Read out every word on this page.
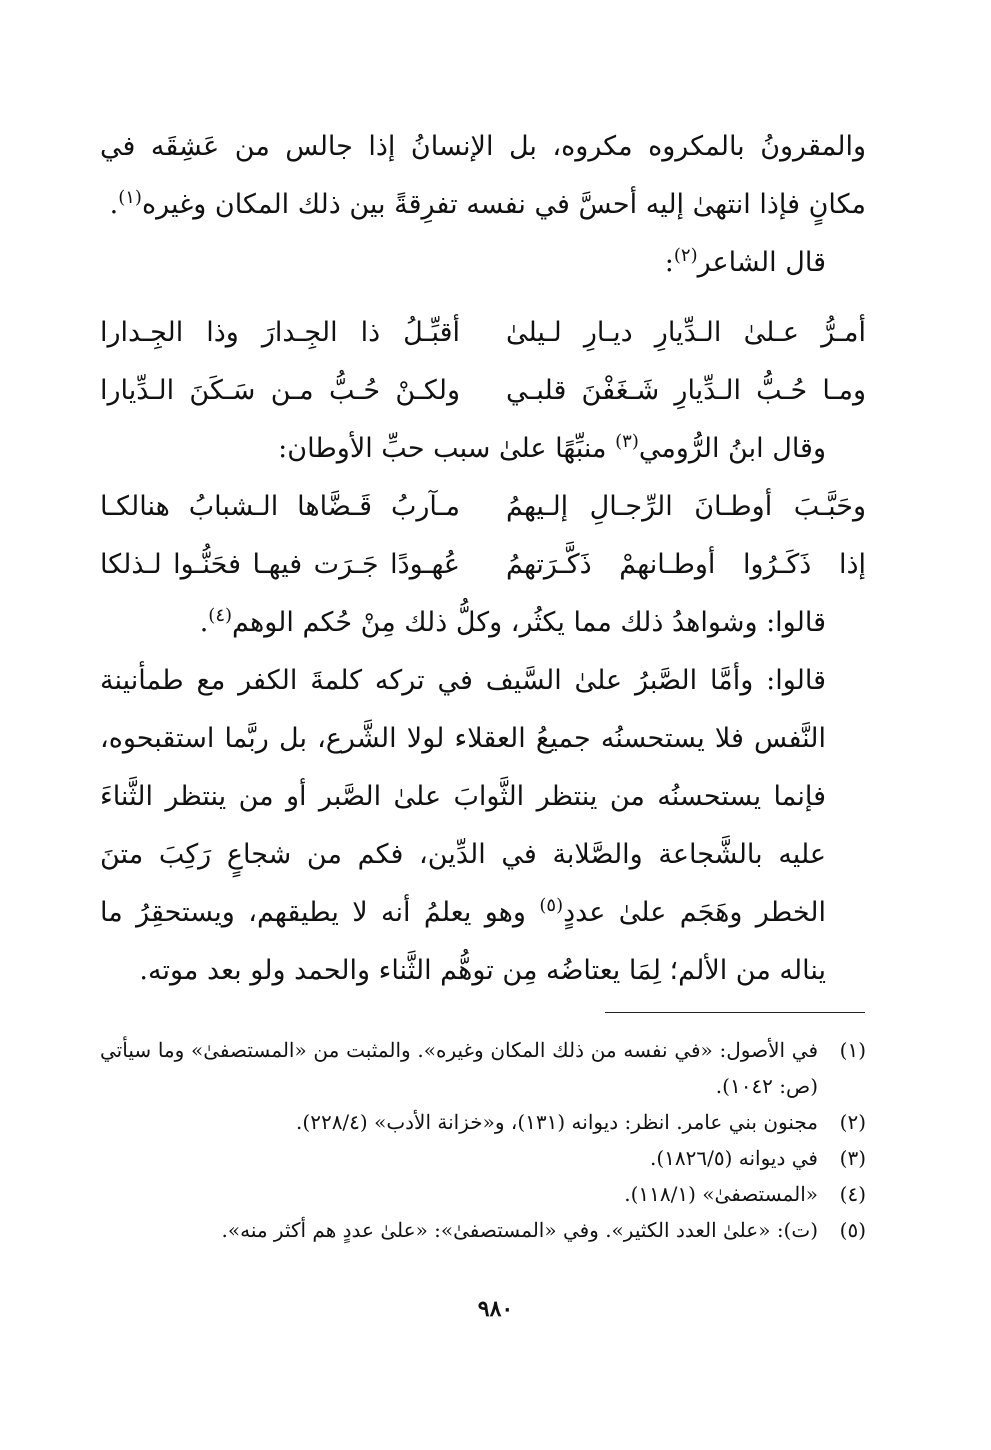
والمقرونُ بالمكروه مكروه، بل الإنسانُ إذا جالس من عَشِقَه في مكانٍ فإذا انتهىٰ إليه أحسَّ في نفسه تفرِقةً بين ذلك المكان وغيره$^{(١)}$.

قال الشاعر$^{(٢)}$:

أمـرُّ عـلىٰ الـدِّيارِ ديـارِ لـيلىٰ
أقبِّـلُ ذا الجِـدارَ وذا الجِـدارا
ومـا حُـبُّ الـدِّيارِ شَـغَفْنَ قلبـي
ولكـنْ حُـبُّ مـن سَـكَنَ الـدِّيارا

وقال ابنُ الرُّومي$^{(٣)}$ منبِّهًا علىٰ سبب حبِّ الأوطان:

وحَبَّـبَ أوطـانَ الرِّجـالِ إلـيهمُ
مـآربُ قَـضَّاها الـشبابُ هنالكـا
إذا ذَكَـرُوا أوطـانهمْ ذَكَّـرَتهمُ
عُهـودًا جَـرَت فيهـا فحَنُّـوا لـذلكا

قالوا: وشواهدُ ذلك مما يكثُر، وكلُّ ذلك مِنْ حُكم الوهم$^{(٤)}$.

قالوا: وأمَّا الصَّبرُ علىٰ السَّيف في تركه كلمةَ الكفر مع طمأنينة النَّفس فلا يستحسنُه جميعُ العقلاء لولا الشَّرع، بل ربَّما استقبحوه، فإنما يستحسنُه من ينتظر الثَّوابَ علىٰ الصَّبر أو من ينتظر الثَّناءَ عليه بالشَّجاعة والصَّلابة في الدِّين، فكم من شجاعٍ رَكِبَ متنَ الخطر وهَجَم علىٰ عددٍ$^{(٥)}$ وهو يعلمُ أنه لا يطيقهم، ويستحقِرُ ما يناله من الألم؛ لِمَا يعتاضُه مِن توهُّم الثَّناء والحمد ولو بعد موته.

(١)
في الأصول: «في نفسه من ذلك المكان وغيره». والمثبت من «المستصفىٰ» وما سيأتي (ص: ١٠٤٢).

(٢)
مجنون بني عامر. انظر: ديوانه (١٣١)، و«خزانة الأدب» (٢٢٨/٤).

(٣)
في ديوانه (١٨٢٦/٥).

(٤)
«المستصفىٰ» (١١٨/١).

(٥)
(ت): «علىٰ العدد الكثير». وفي «المستصفىٰ»: «علىٰ عددٍ هم أكثر منه».

٩٨٠
